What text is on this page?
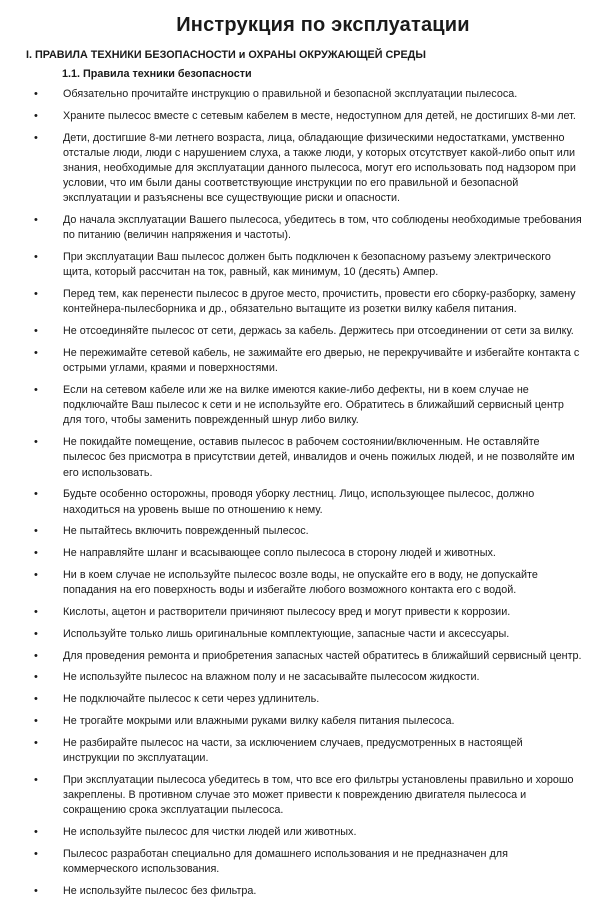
Инструкция по эксплуатации
I. ПРАВИЛА ТЕХНИКИ БЕЗОПАСНОСТИ и ОХРАНЫ ОКРУЖАЮЩЕЙ СРЕДЫ
1.1. Правила техники безопасности
• Обязательно прочитайте инструкцию о правильной и безопасной эксплуатации пылесоса.
• Храните пылесос вместе с сетевым кабелем в месте, недоступном для детей, не достигших 8-ми лет.
• Дети, достигшие 8-ми летнего возраста, лица, обладающие физическими недостатками, умственно отсталые люди, люди с нарушением слуха, а также люди, у которых отсутствует какой-либо опыт или знания, необходимые для эксплуатации данного пылесоса, могут его использовать под надзором при условии, что им были даны соответствующие инструкции по его правильной и безопасной эксплуатации и разъяснены все существующие риски и опасности.
• До начала эксплуатации Вашего пылесоса, убедитесь в том, что соблюдены необходимые требования по питанию (величин напряжения и частоты).
• При эксплуатации Ваш пылесос должен быть подключен к безопасному разъему электрического щита, который рассчитан на ток, равный, как минимум, 10 (десять) Ампер.
• Перед тем, как перенести пылесос в другое место, прочистить, провести его сборку-разборку, замену контейнера-пылесборника и др., обязательно вытащите из розетки вилку кабеля питания.
• Не отсоединяйте пылесос от сети, держась за кабель. Держитесь при отсоединении от сети за вилку.
• Не пережимайте сетевой кабель, не зажимайте его дверью, не перекручивайте и избегайте контакта с острыми углами, краями и поверхностями.
• Если на сетевом кабеле или же на вилке имеются какие-либо дефекты, ни в коем случае не подключайте Ваш пылесос к сети и не используйте его. Обратитесь в ближайший сервисный центр для того, чтобы заменить поврежденный шнур либо вилку.
• Не покидайте помещение, оставив пылесос в рабочем состоянии/включенным. Не оставляйте пылесос без присмотра в присутствии детей, инвалидов и очень пожилых людей, и не позволяйте им его использовать.
• Будьте особенно осторожны, проводя уборку лестниц. Лицо, использующее пылесос, должно находиться на уровень выше по отношению к нему.
• Не пытайтесь включить поврежденный пылесос.
• Не направляйте шланг и всасывающее сопло пылесоса в сторону людей и животных.
• Ни в коем случае не используйте пылесос возле воды, не опускайте его в воду, не допускайте попадания на его поверхность воды и избегайте любого возможного контакта его с водой.
• Кислоты, ацетон и растворители причиняют пылесосу вред и могут привести к коррозии.
• Используйте только лишь оригинальные комплектующие, запасные части и аксессуары.
• Для проведения ремонта и приобретения запасных частей обратитесь в ближайший сервисный центр.
• Не используйте пылесос на влажном полу и не засасывайте пылесосом жидкости.
• Не подключайте пылесос к сети через удлинитель.
• Не трогайте мокрыми или влажными руками вилку кабеля питания пылесоса.
• Не разбирайте пылесос на части, за исключением случаев, предусмотренных в настоящей инструкции по эксплуатации.
• При эксплуатации пылесоса убедитесь в том, что все его фильтры установлены правильно и хорошо закреплены. В противном случае это может привести к повреждению двигателя пылесоса и сокращению срока эксплуатации пылесоса.
• Не используйте пылесос для чистки людей или животных.
• Пылесос разработан специально для домашнего использования и не предназначен для коммерческого использования.
• Не используйте пылесос без фильтра.
